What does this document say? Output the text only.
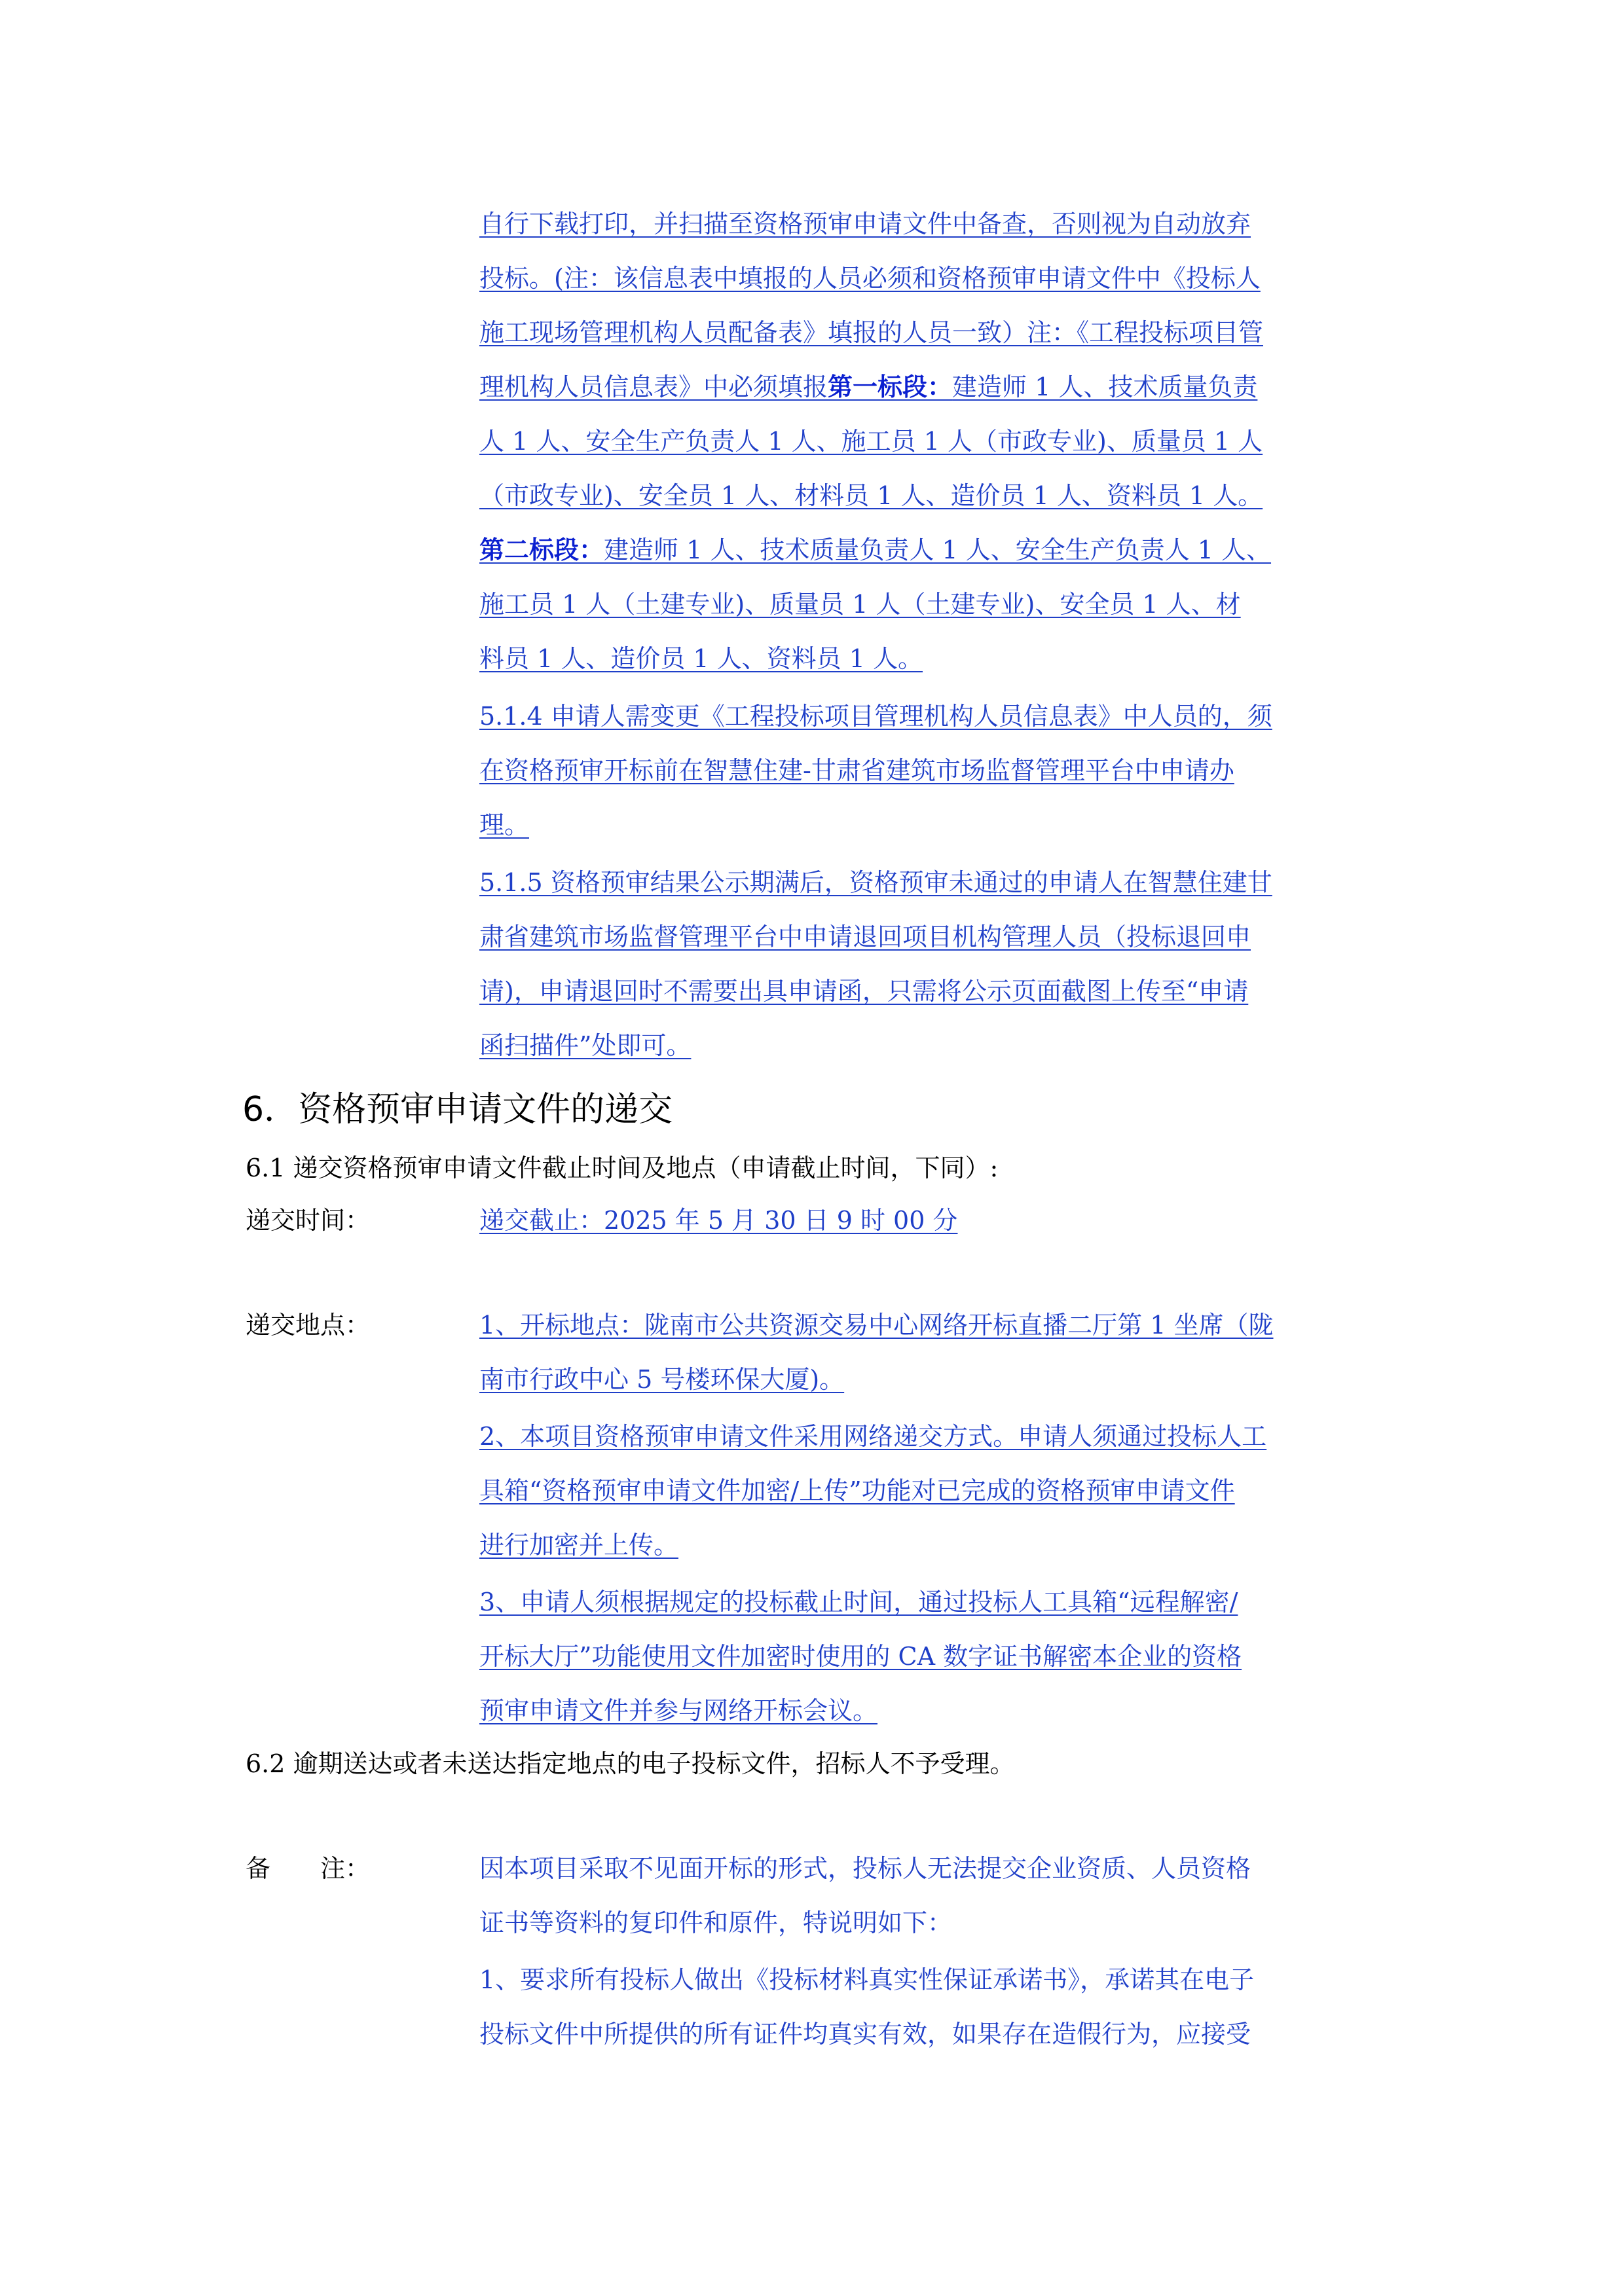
自行下载打印，并扫描至资格预审申请文件中备查，否则视为自动放弃
投标。(注：该信息表中填报的人员必须和资格预审申请文件中《投标人
施工现场管理机构人员配备表》填报的人员一致）注：《工程投标项目管
理机构人员信息表》中必须填报第一标段：建造师 1 人、技术质量负责
人 1 人、安全生产负责人 1 人、施工员 1 人（市政专业)、质量员 1 人
（市政专业)、安全员 1 人、材料员 1 人、造价员 1 人、资料员 1 人。
第二标段：建造师 1 人、技术质量负责人 1 人、安全生产负责人 1 人、
施工员 1 人（土建专业)、质量员 1 人（土建专业)、安全员 1 人、材
料员 1 人、造价员 1 人、资料员 1 人。
5.1.4 申请人需变更《工程投标项目管理机构人员信息表》中人员的，须
在资格预审开标前在智慧住建-甘肃省建筑市场监督管理平台中申请办
理。
5.1.5 资格预审结果公示期满后，资格预审未通过的申请人在智慧住建甘
肃省建筑市场监督管理平台中申请退回项目机构管理人员（投标退回申
请)，申请退回时不需要出具申请函，只需将公示页面截图上传至“申请
函扫描件”处即可。
6．资格预审申请文件的递交
6.1 递交资格预审申请文件截止时间及地点（申请截止时间，下同）:
递交时间：	递交截止：2025 年 5 月 30 日 9 时 00 分
递交地点：	1、开标地点：陇南市公共资源交易中心网络开标直播二厅第 1 坐席（陇
南市行政中心 5 号楼环保大厦)。
2、本项目资格预审申请文件采用网络递交方式。申请人须通过投标人工
具箱“资格预审申请文件加密/上传”功能对已完成的资格预审申请文件
进行加密并上传。
3、申请人须根据规定的投标截止时间，通过投标人工具箱“远程解密/
开标大厅”功能使用文件加密时使用的 CA 数字证书解密本企业的资格
预审申请文件并参与网络开标会议。
6.2 逾期送达或者未送达指定地点的电子投标文件，招标人不予受理。
备　　注：	因本项目采取不见面开标的形式，投标人无法提交企业资质、人员资格
证书等资料的复印件和原件，特说明如下：
1、要求所有投标人做出《投标材料真实性保证承诺书》，承诺其在电子
投标文件中所提供的所有证件均真实有效，如果存在造假行为，应接受
